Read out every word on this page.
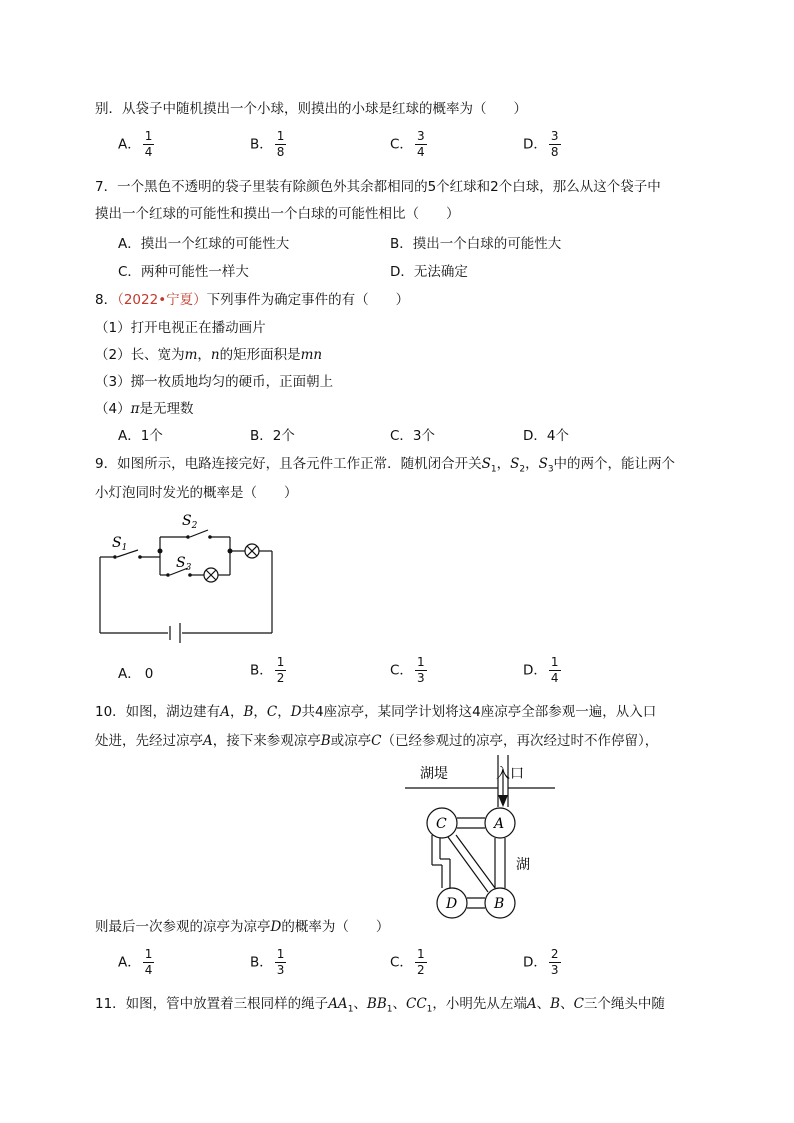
别．从袋子中随机摸出一个小球，则摸出的小球是红球的概率为（　　）
A． $\frac{1}{4}$	B． $\frac{1}{8}$	C． $\frac{3}{4}$	D． $\frac{3}{8}$
7．一个黑色不透明的袋子里装有除颜色外其余都相同的5个红球和2个白球，那么从这个袋子中
摸出一个红球的可能性和摸出一个白球的可能性相比（　　）
A．摸出一个红球的可能性大	B．摸出一个白球的可能性大
C．两种可能性一样大	D．无法确定
8．（2022•宁夏）下列事件为确定事件的有（　　）
（1）打开电视正在播动画片
（2）长、宽为m，n的矩形面积是mn
（3）掷一枚质地均匀的硬币，正面朝上
（4）π是无理数
A．1个	B．2个	C．3个	D．4个
9．如图所示，电路连接完好，且各元件工作正常．随机闭合开关$S_1$，$S_2$，$S_3$中的两个，能让两个
小灯泡同时发光的概率是（　　）
$S_1$
$S_2$
$S_3$
A． 0	B． $\frac{1}{2}$	C． $\frac{1}{3}$	D． $\frac{1}{4}$
10．如图，湖边建有A，B，C，D共4座凉亭，某同学计划将这4座凉亭全部参观一遍，从入口
处进，先经过凉亭A，接下来参观凉亭B或凉亭C（已经参观过的凉亭，再次经过时不作停留），
湖堤	入口
湖
C	A
D	B
则最后一次参观的凉亭为凉亭D的概率为（　　）
A． $\frac{1}{4}$	B． $\frac{1}{3}$	C． $\frac{1}{2}$	D． $\frac{2}{3}$
11．如图，管中放置着三根同样的绳子$AA_1$、$BB_1$、$CC_1$，小明先从左端A、B、C三个绳头中随
